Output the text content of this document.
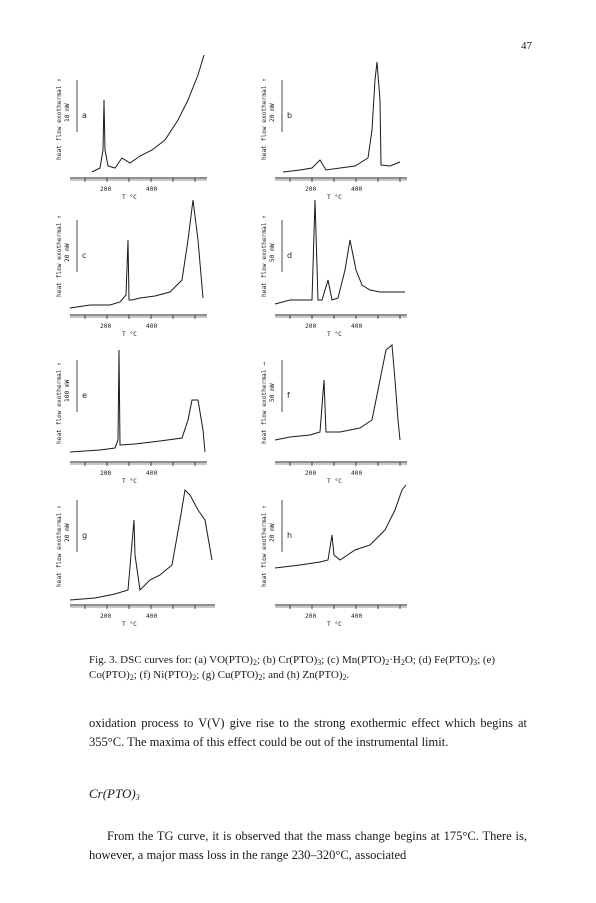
47
200	400
T °C
a
heat flow exothermal ↑ 10 mW
200	400
T °C
b
heat flow exothermal ↑ 20 mW
200	400
T °C
c
heat flow exothermal ↑ 20 mW
200	400
T °C
d
heat flow exothermal ↑ 50 mW
200	400
T °C
e
heat flow exothermal ↑ 100 mW
200	400
T °C
f
heat flow exothermal → 50 mW
200	400
T °C
g
heat flow exothermal ↑ 20 mW
200	400
T °C
h
heat flow exothermal ↑ 20 mW
Fig. 3. DSC curves for: (a) $VO(PTO)_2$; (b) $Cr(PTO)_3$; (c) $Mn(PTO)_2\cdot H_2O$; (d) $Fe(PTO)_3$; (e) $Co(PTO)_2$; (f) $Ni(PTO)_2$; (g) $Cu(PTO)_2$; and (h) $Zn(PTO)_2$.
oxidation process to V(V) give rise to the strong exothermic effect which begins at 355°C. The maxima of this effect could be out of the instrumental limit.
$Cr(PTO)_3$
From the TG curve, it is observed that the mass change begins at 175°C. There is, however, a major mass loss in the range 230–320°C, associated
